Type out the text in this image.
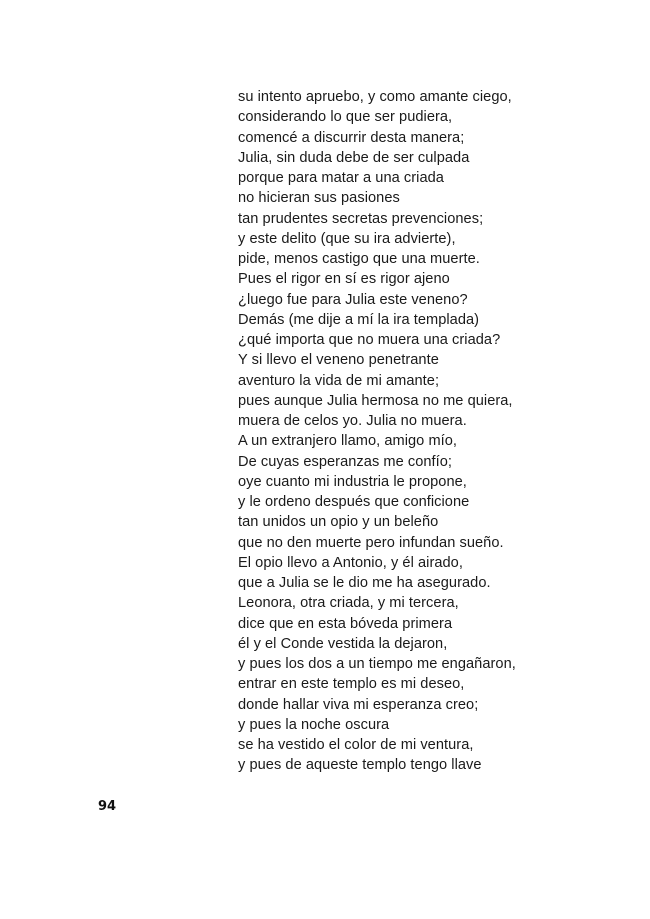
su intento apruebo, y como amante ciego,
considerando lo que ser pudiera,
comencé a discurrir desta manera;
Julia, sin duda debe de ser culpada
porque para matar a una criada
no hicieran sus pasiones
tan prudentes secretas prevenciones;
y este delito (que su ira advierte),
pide, menos castigo que una muerte.
Pues el rigor en sí es rigor ajeno
¿luego fue para Julia este veneno?
Demás (me dije a mí la ira templada)
¿qué importa que no muera una criada?
Y si llevo el veneno penetrante
aventuro la vida de mi amante;
pues aunque Julia hermosa no me quiera,
muera de celos yo. Julia no muera.
A un extranjero llamo, amigo mío,
De cuyas esperanzas me confío;
oye cuanto mi industria le propone,
y le ordeno después que conficione
tan unidos un opio y un beleño
que no den muerte pero infundan sueño.
El opio llevo a Antonio, y él airado,
que a Julia se le dio me ha asegurado.
Leonora, otra criada, y mi tercera,
dice que en esta bóveda primera
él y el Conde vestida la dejaron,
y pues los dos a un tiempo me engañaron,
entrar en este templo es mi deseo,
donde hallar viva mi esperanza creo;
y pues la noche oscura
se ha vestido el color de mi ventura,
y pues de aqueste templo tengo llave
94
